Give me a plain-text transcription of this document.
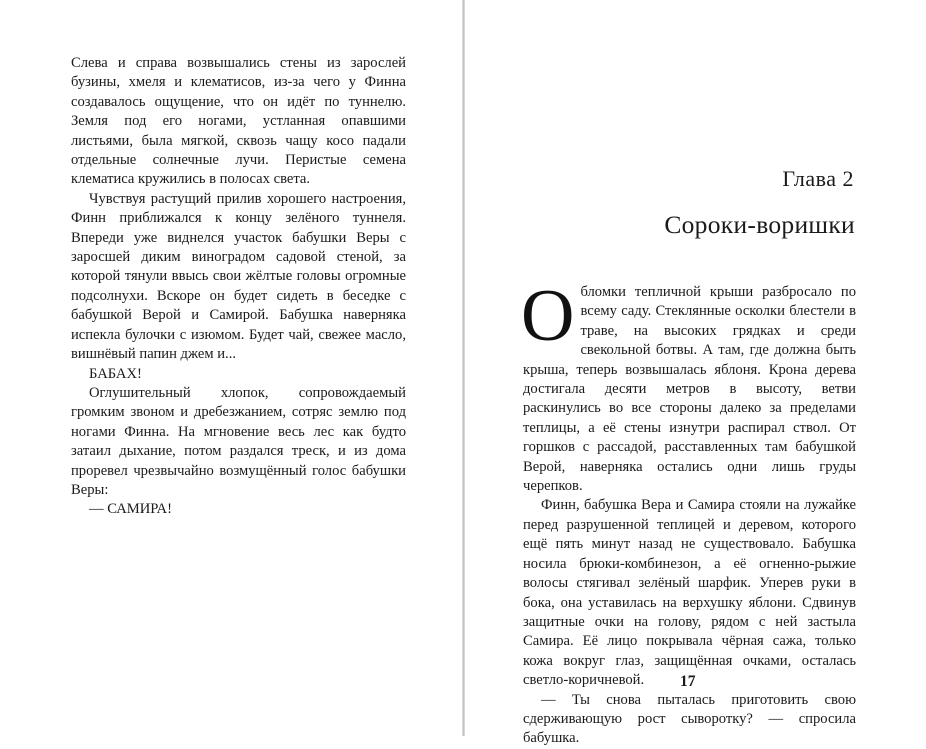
Слева и справа возвышались стены из зарослей бузины, хмеля и клематисов, из-за чего у Финна создавалось ощущение, что он идёт по туннелю. Земля под его ногами, устланная опавшими листьями, была мягкой, сквозь чащу косо падали отдельные солнечные лучи. Перистые семена клематиса кружились в полосах света.

Чувствуя растущий прилив хорошего настроения, Финн приближался к концу зелёного туннеля. Впереди уже виднелся участок бабушки Веры с заросшей диким виноградом садовой стеной, за которой тянули ввысь свои жёлтые головы огромные подсолнухи. Вскоре он будет сидеть в беседке с бабушкой Верой и Самирой. Бабушка наверняка испекла булочки с изюмом. Будет чай, свежее масло, вишнёвый папин джем и...

БАБАХ!

Оглушительный хлопок, сопровождаемый громким звоном и дребезжанием, сотряс землю под ногами Финна. На мгновение весь лес как будто затаил дыхание, потом раздался треск, и из дома проревел чрезвычайно возмущённый голос бабушки Веры:

— САМИРА!

Глава 2
Сороки-воришки

Обломки тепличной крыши разбросало по всему саду. Стеклянные осколки блестели в траве, на высоких грядках и среди свекольной ботвы. А там, где должна быть крыша, теперь возвышалась яблоня. Крона дерева достигала десяти метров в высоту, ветви раскинулись во все стороны далеко за пределами теплицы, а её стены изнутри распирал ствол. От горшков с рассадой, расставленных там бабушкой Верой, наверняка остались одни лишь груды черепков.

Финн, бабушка Вера и Самира стояли на лужайке перед разрушенной теплицей и деревом, которого ещё пять минут назад не существовало. Бабушка носила брюки-комбинезон, а её огненно-рыжие волосы стягивал зелёный шарфик. Уперев руки в бока, она уставилась на верхушку яблони. Сдвинув защитные очки на голову, рядом с ней застыла Самира. Её лицо покрывала чёрная сажа, только кожа вокруг глаз, защищённая очками, осталась светло-коричневой.

— Ты снова пыталась приготовить свою сдерживающую рост сыворотку? — спросила бабушка.

17
